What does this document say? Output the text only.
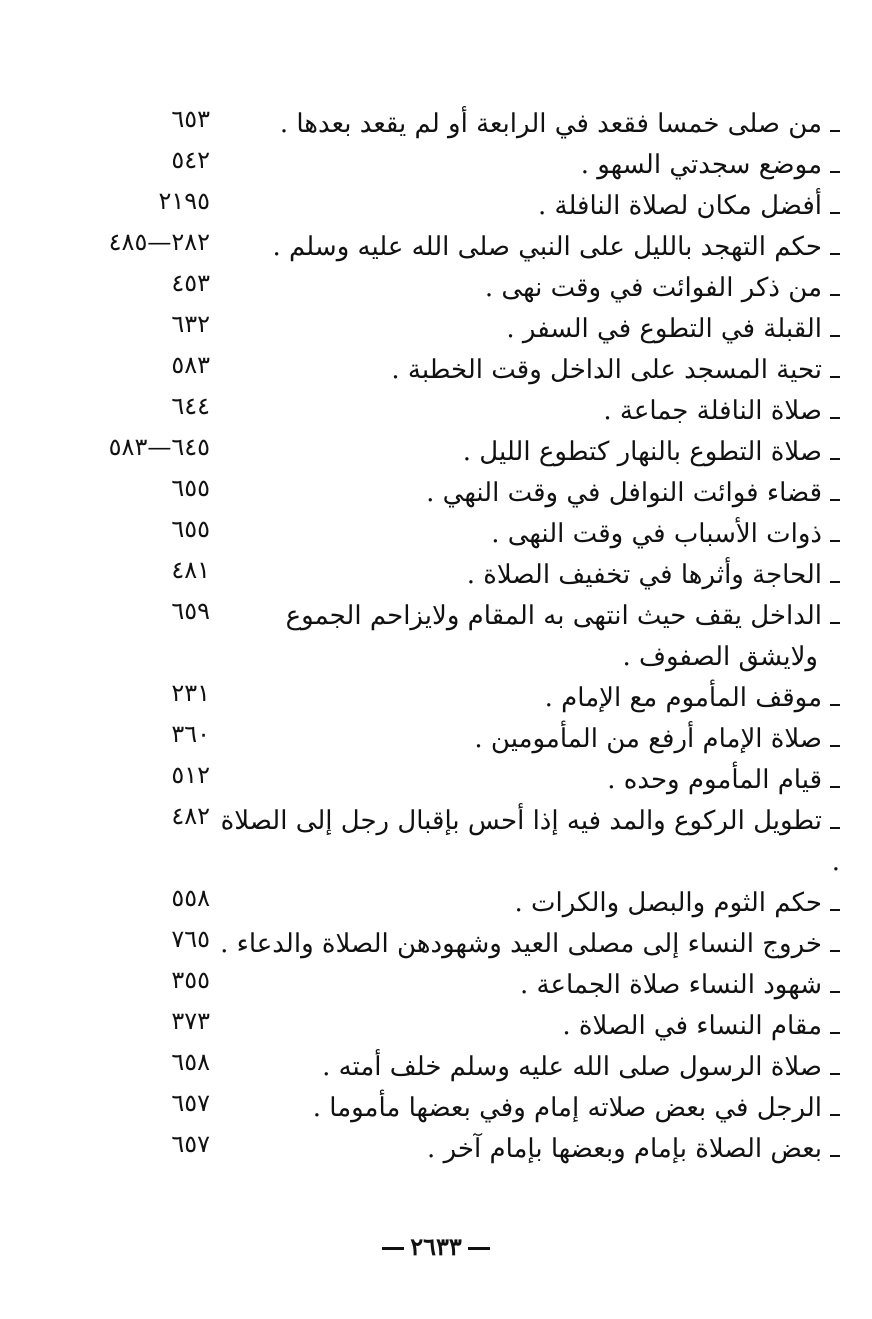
٦٥٣	من صلى خمسا فقعد في الرابعة أو لم يقعد بعدها .
٥٤٢	موضع سجدتي السهو .
٢١٩٥	أفضل مكان لصلاة النافلة .
٢٨٢—٤٨٥	حكم التهجد بالليل على النبي صلى الله عليه وسلم .
٤٥٣	من ذكر الفوائت في وقت نهى .
٦٣٢	القبلة في التطوع في السفر .
٥٨٣	تحية المسجد على الداخل وقت الخطبة .
٦٤٤	صلاة النافلة جماعة .
٦٤٥—٥٨٣	صلاة التطوع بالنهار كتطوع الليل .
٦٥٥	قضاء فوائت النوافل في وقت النهي .
٦٥٥	ذوات الأسباب في وقت النهى .
٤٨١	الحاجة وأثرها في تخفيف الصلاة .
٦٥٩	الداخل يقف حيث انتهى به المقام ولايزاحم الجموع
ولايشق الصفوف .
٢٣١	موقف المأموم مع الإمام .
٣٦٠	صلاة الإمام أرفع من المأمومين .
٥١٢	قيام المأموم وحده .
٤٨٢ تطويل الركوع والمد فيه إذا أحس بإقبال رجل إلى الصلاة .
٥٥٨	حكم الثوم والبصل والكرات .
٧٦٥ خروج النساء إلى مصلى العيد وشهودهن الصلاة والدعاء .
٣٥٥	شهود النساء صلاة الجماعة .
٣٧٣	مقام النساء في الصلاة .
٦٥٨	صلاة الرسول صلى الله عليه وسلم خلف أمته .
٦٥٧	الرجل في بعض صلاته إمام وفي بعضها مأموما .
٦٥٧	بعض الصلاة بإمام وبعضها بإمام آخر .
٢٦٣٣
